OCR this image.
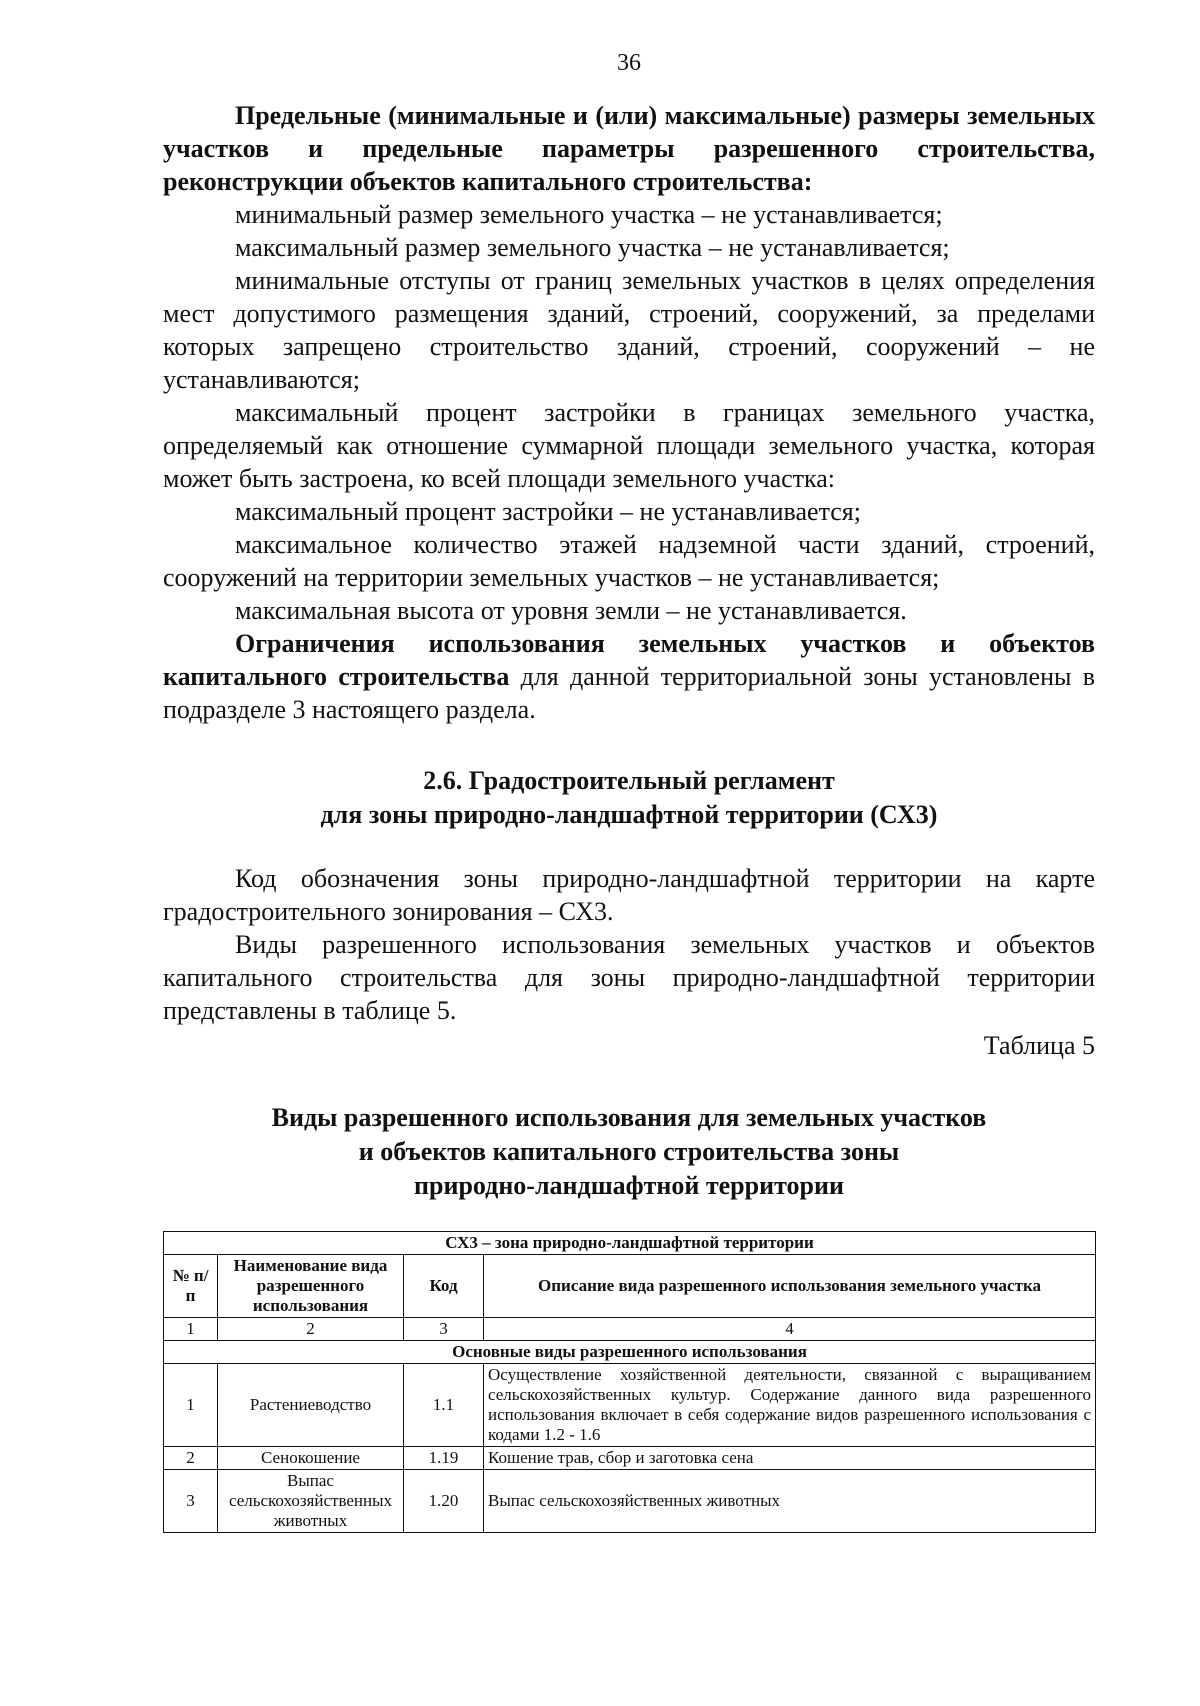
36

Предельные (минимальные и (или) максимальные) размеры земельных участков и предельные параметры разрешенного строительства, реконструкции объектов капитального строительства:

минимальный размер земельного участка – не устанавливается;

максимальный размер земельного участка – не устанавливается;

минимальные отступы от границ земельных участков в целях определения мест допустимого размещения зданий, строений, сооружений, за пределами которых запрещено строительство зданий, строений, сооружений – не устанавливаются;

максимальный процент застройки в границах земельного участка, определяемый как отношение суммарной площади земельного участка, которая может быть застроена, ко всей площади земельного участка:

максимальный процент застройки – не устанавливается;

максимальное количество этажей надземной части зданий, строений, сооружений на территории земельных участков – не устанавливается;

максимальная высота от уровня земли – не устанавливается.

Ограничения использования земельных участков и объектов капитального строительства для данной территориальной зоны установлены в подразделе 3 настоящего раздела.

2.6. Градостроительный регламент
для зоны природно-ландшафтной территории (СХ3)

Код обозначения зоны природно-ландшафтной территории на карте градостроительного зонирования – СХ3.

Виды разрешенного использования земельных участков и объектов капитального строительства для зоны природно-ландшафтной территории представлены в таблице 5.

Таблица 5
Виды разрешенного использования для земельных участков
и объектов капитального строительства зоны
природно-ландшафтной территории
СХ3 – зона природно-ландшафтной территории			
№ п/п	Наименование вида разрешенного использования	Код	Описание вида разрешенного использования земельного участка
1	2	3	4
Основные виды разрешенного использования			
1	Растениеводство	1.1	Осуществление хозяйственной деятельности, связанной с выращиванием сельскохозяйственных культур. Содержание данного вида разрешенного использования включает в себя содержание видов разрешенного использования с кодами 1.2 - 1.6
2	Сенокошение	1.19	Кошение трав, сбор и заготовка сена
3	Выпас сельскохозяйственных животных	1.20	Выпас сельскохозяйственных животных
